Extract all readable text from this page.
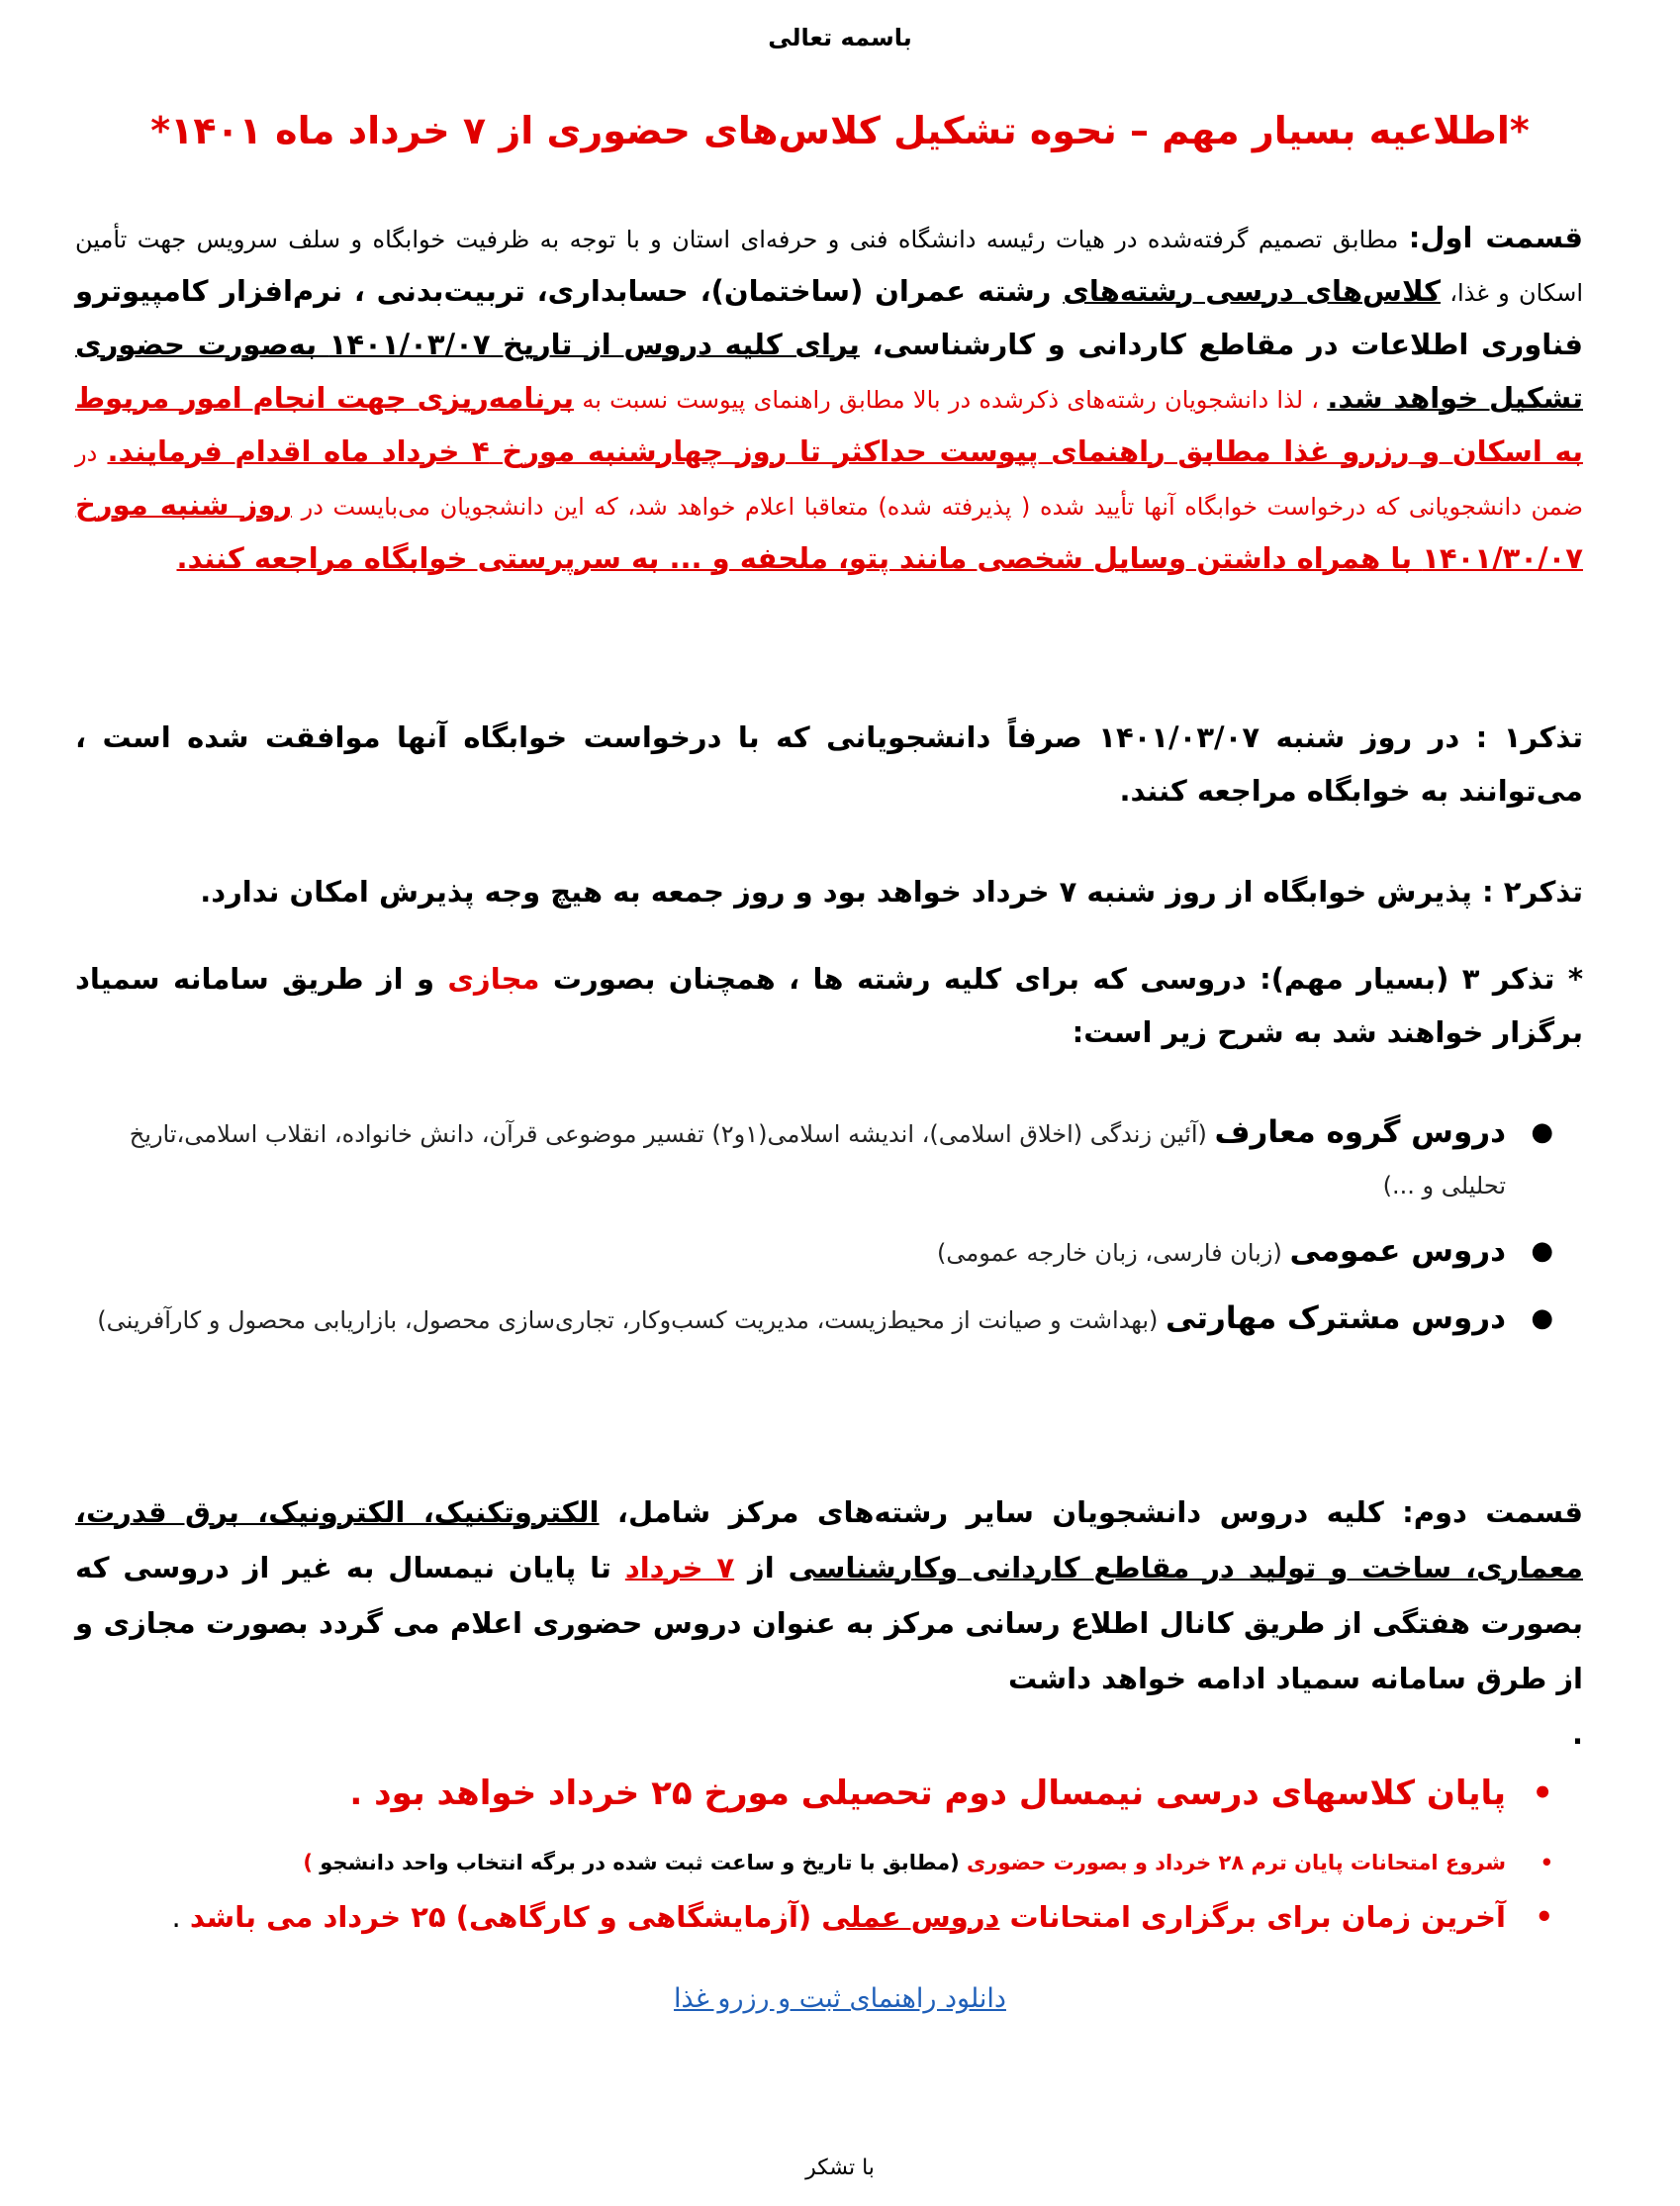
باسمه تعالی
*اطلاعیه بسیار مهم – نحوه تشکیل کلاس‌های حضوری از ۷ خرداد ماه ۱۴۰۱*
قسمت اول: مطابق تصمیم گرفته‌شده در هیات رئیسه دانشگاه فنی و حرفه‌ای استان و با توجه به ظرفیت خوابگاه و سلف سرویس جهت تأمین اسکان و غذا، کلاس‌های درسی رشته‌های رشته عمران (ساختمان)، حسابداری، تربیت‌بدنی ، نرم‌افزار کامپیوترو فناوری اطلاعات در مقاطع کاردانی و کارشناسی، برای کلیه دروس از تاریخ ۱۴۰۱/۰۳/۰۷ به‌صورت حضوری تشکیل خواهد شد. ، لذا دانشجویان رشته‌های ذکرشده در بالا مطابق راهنمای پیوست نسبت به برنامه‌ریزی جهت انجام امور مربوط به اسکان و رزرو غذا مطابق راهنمای پیوست حداکثر تا روز چهارشنبه مورخ ۴ خرداد ماه اقدام فرمایند. در ضمن دانشجویانی که درخواست خوابگاه آنها تأیید شده ( پذیرفته شده) متعاقبا اعلام خواهد شد، که این دانشجویان می‌بایست در روز شنبه مورخ ۱۴۰۱/۳۰/۰۷ با همراه داشتن وسایل شخصی مانند پتو، ملحفه و ... به سرپرستی خوابگاه مراجعه کنند.
تذکر۱ : در روز شنبه ۱۴۰۱/۰۳/۰۷ صرفاً دانشجویانی که با درخواست خوابگاه آنها موافقت شده است ، می‌توانند به خوابگاه مراجعه کنند.
تذکر۲ : پذیرش خوابگاه از روز شنبه ۷ خرداد خواهد بود و روز جمعه به هیچ وجه پذیرش امکان ندارد.
* تذکر ۳ (بسیار مهم): دروسی که برای کلیه رشته ها ، همچنان بصورت مجازی و از طریق سامانه سمیاد برگزار خواهند شد به شرح زیر است:
●
دروس گروه معارف (آئین زندگی (اخلاق اسلامی)، اندیشه اسلامی(۱و۲) تفسیر موضوعی قرآن، دانش خانواده، انقلاب اسلامی،تاریخ تحلیلی و ...)
●
دروس عمومی (زبان فارسی، زبان خارجه عمومی)
●
دروس مشترک مهارتی (بهداشت و صیانت از محیط‌زیست، مدیریت کسب‌وکار، تجاری‌سازی محصول، بازاریابی محصول و کارآفرینی)
قسمت دوم: کلیه دروس دانشجویان سایر رشته‌های مرکز شامل، الکتروتکنیک، الکترونیک، برق قدرت، معماری، ساخت و تولید در مقاطع کاردانی وکارشناسی از ۷ خرداد تا پایان نیمسال به غیر از دروسی که بصورت هفتگی از طریق کانال اطلاع رسانی مرکز به عنوان دروس حضوری اعلام می گردد بصورت مجازی و از طرق سامانه سمیاد ادامه خواهد داشت
.
•
پایان کلاسهای درسی نیمسال دوم تحصیلی مورخ ۲۵ خرداد خواهد بود .
•
شروع امتحانات پایان ترم ۲۸ خرداد و بصورت حضوری (مطابق با تاریخ و ساعت ثبت شده در برگه انتخاب واحد دانشجو )
•
آخرین زمان برای برگزاری امتحانات دروس عملی (آزمایشگاهی و کارگاهی) ۲۵ خرداد می باشد .
دانلود راهنمای ثبت و رزرو غذا
با تشکر
